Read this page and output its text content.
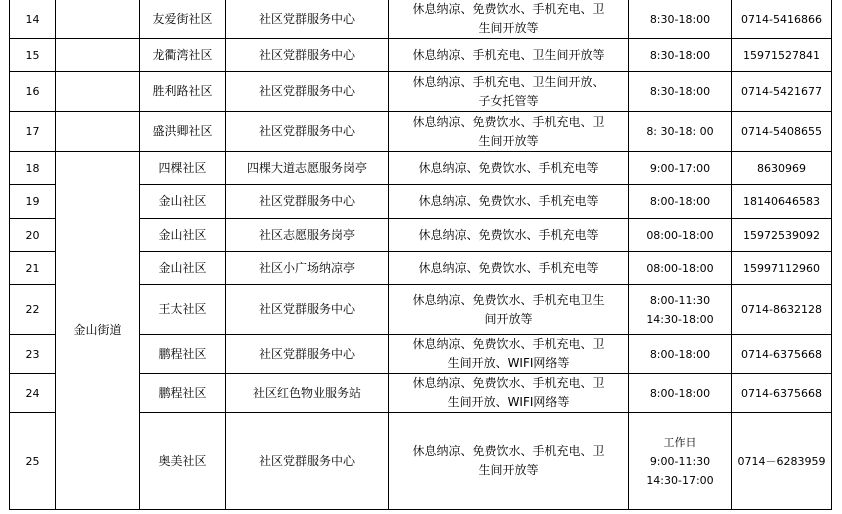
14		友爱街社区	社区党群服务中心	休息纳凉、免费饮水、手机充电、卫
生间开放等	8:30-18:00	0714-5416866
15		龙衢湾社区	社区党群服务中心	休息纳凉、手机充电、卫生间开放等	8:30-18:00	15971527841
16		胜利路社区	社区党群服务中心	休息纳凉、手机充电、卫生间开放、
子女托管等	8:30-18:00	0714-5421677
17		盛洪卿社区	社区党群服务中心	休息纳凉、免费饮水、手机充电、卫
生间开放等	8: 30-18: 00	0714-5408655
18	金山街道	四棵社区	四棵大道志愿服务岗亭	休息纳凉、免费饮水、手机充电等	9:00-17:00	8630969
19		金山社区	社区党群服务中心	休息纳凉、免费饮水、手机充电等	8:00-18:00	18140646583
20		金山社区	社区志愿服务岗亭	休息纳凉、免费饮水、手机充电等	08:00-18:00	15972539092
21		金山社区	社区小广场纳凉亭	休息纳凉、免费饮水、手机充电等	08:00-18:00	15997112960
22		王太社区	社区党群服务中心	休息纳凉、免费饮水、手机充电卫生
间开放等	8:00-11:30
14:30-18:00	0714-8632128
23		鹏程社区	社区党群服务中心	休息纳凉、免费饮水、手机充电、卫
生间开放、WIFI网络等	8:00-18:00	0714-6375668
24		鹏程社区	社区红色物业服务站	休息纳凉、免费饮水、手机充电、卫
生间开放、WIFI网络等	8:00-18:00	0714-6375668
25		奥美社区	社区党群服务中心	休息纳凉、免费饮水、手机充电、卫
生间开放等	工作日
9:00-11:30
14:30-17:00	0714－6283959
